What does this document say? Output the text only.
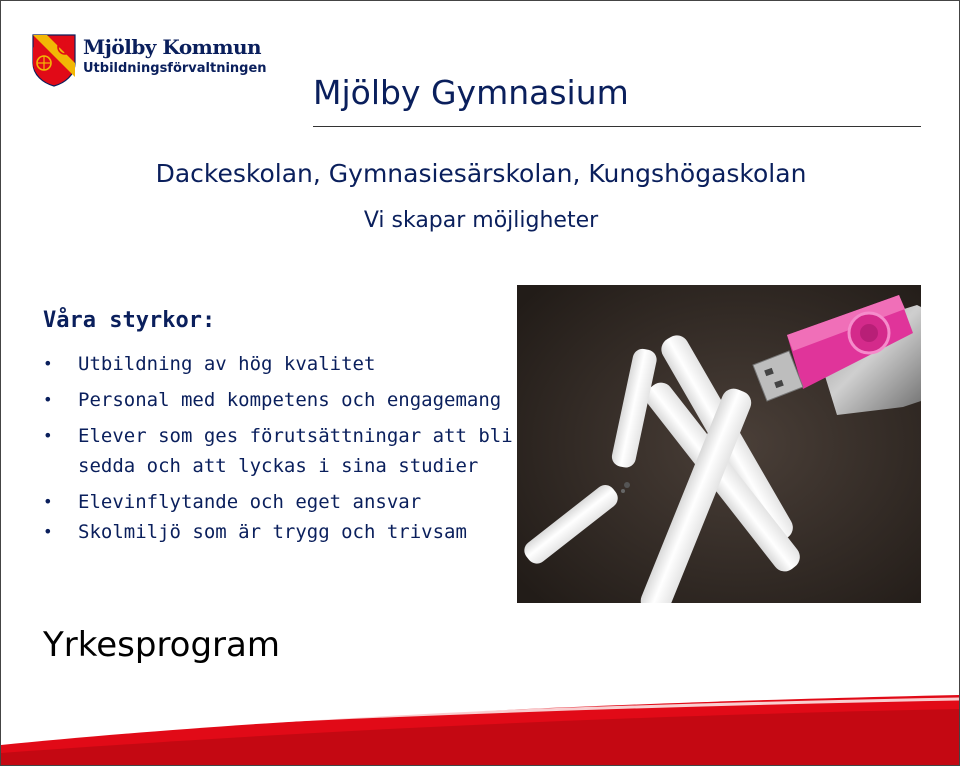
Mjölby Kommun
Utbildningsförvaltningen
Mjölby Gymnasium
Dackeskolan, Gymnasiesärskolan, Kungshögaskolan
Vi skapar möjligheter
Våra styrkor:
• Utbildning av hög kvalitet
• Personal med kompetens och engagemang
• Elever som ges förutsättningar att bli sedda och att lyckas i sina studier
• Elevinflytande och eget ansvar
• Skolmiljö som är trygg och trivsam
Yrkesprogram
